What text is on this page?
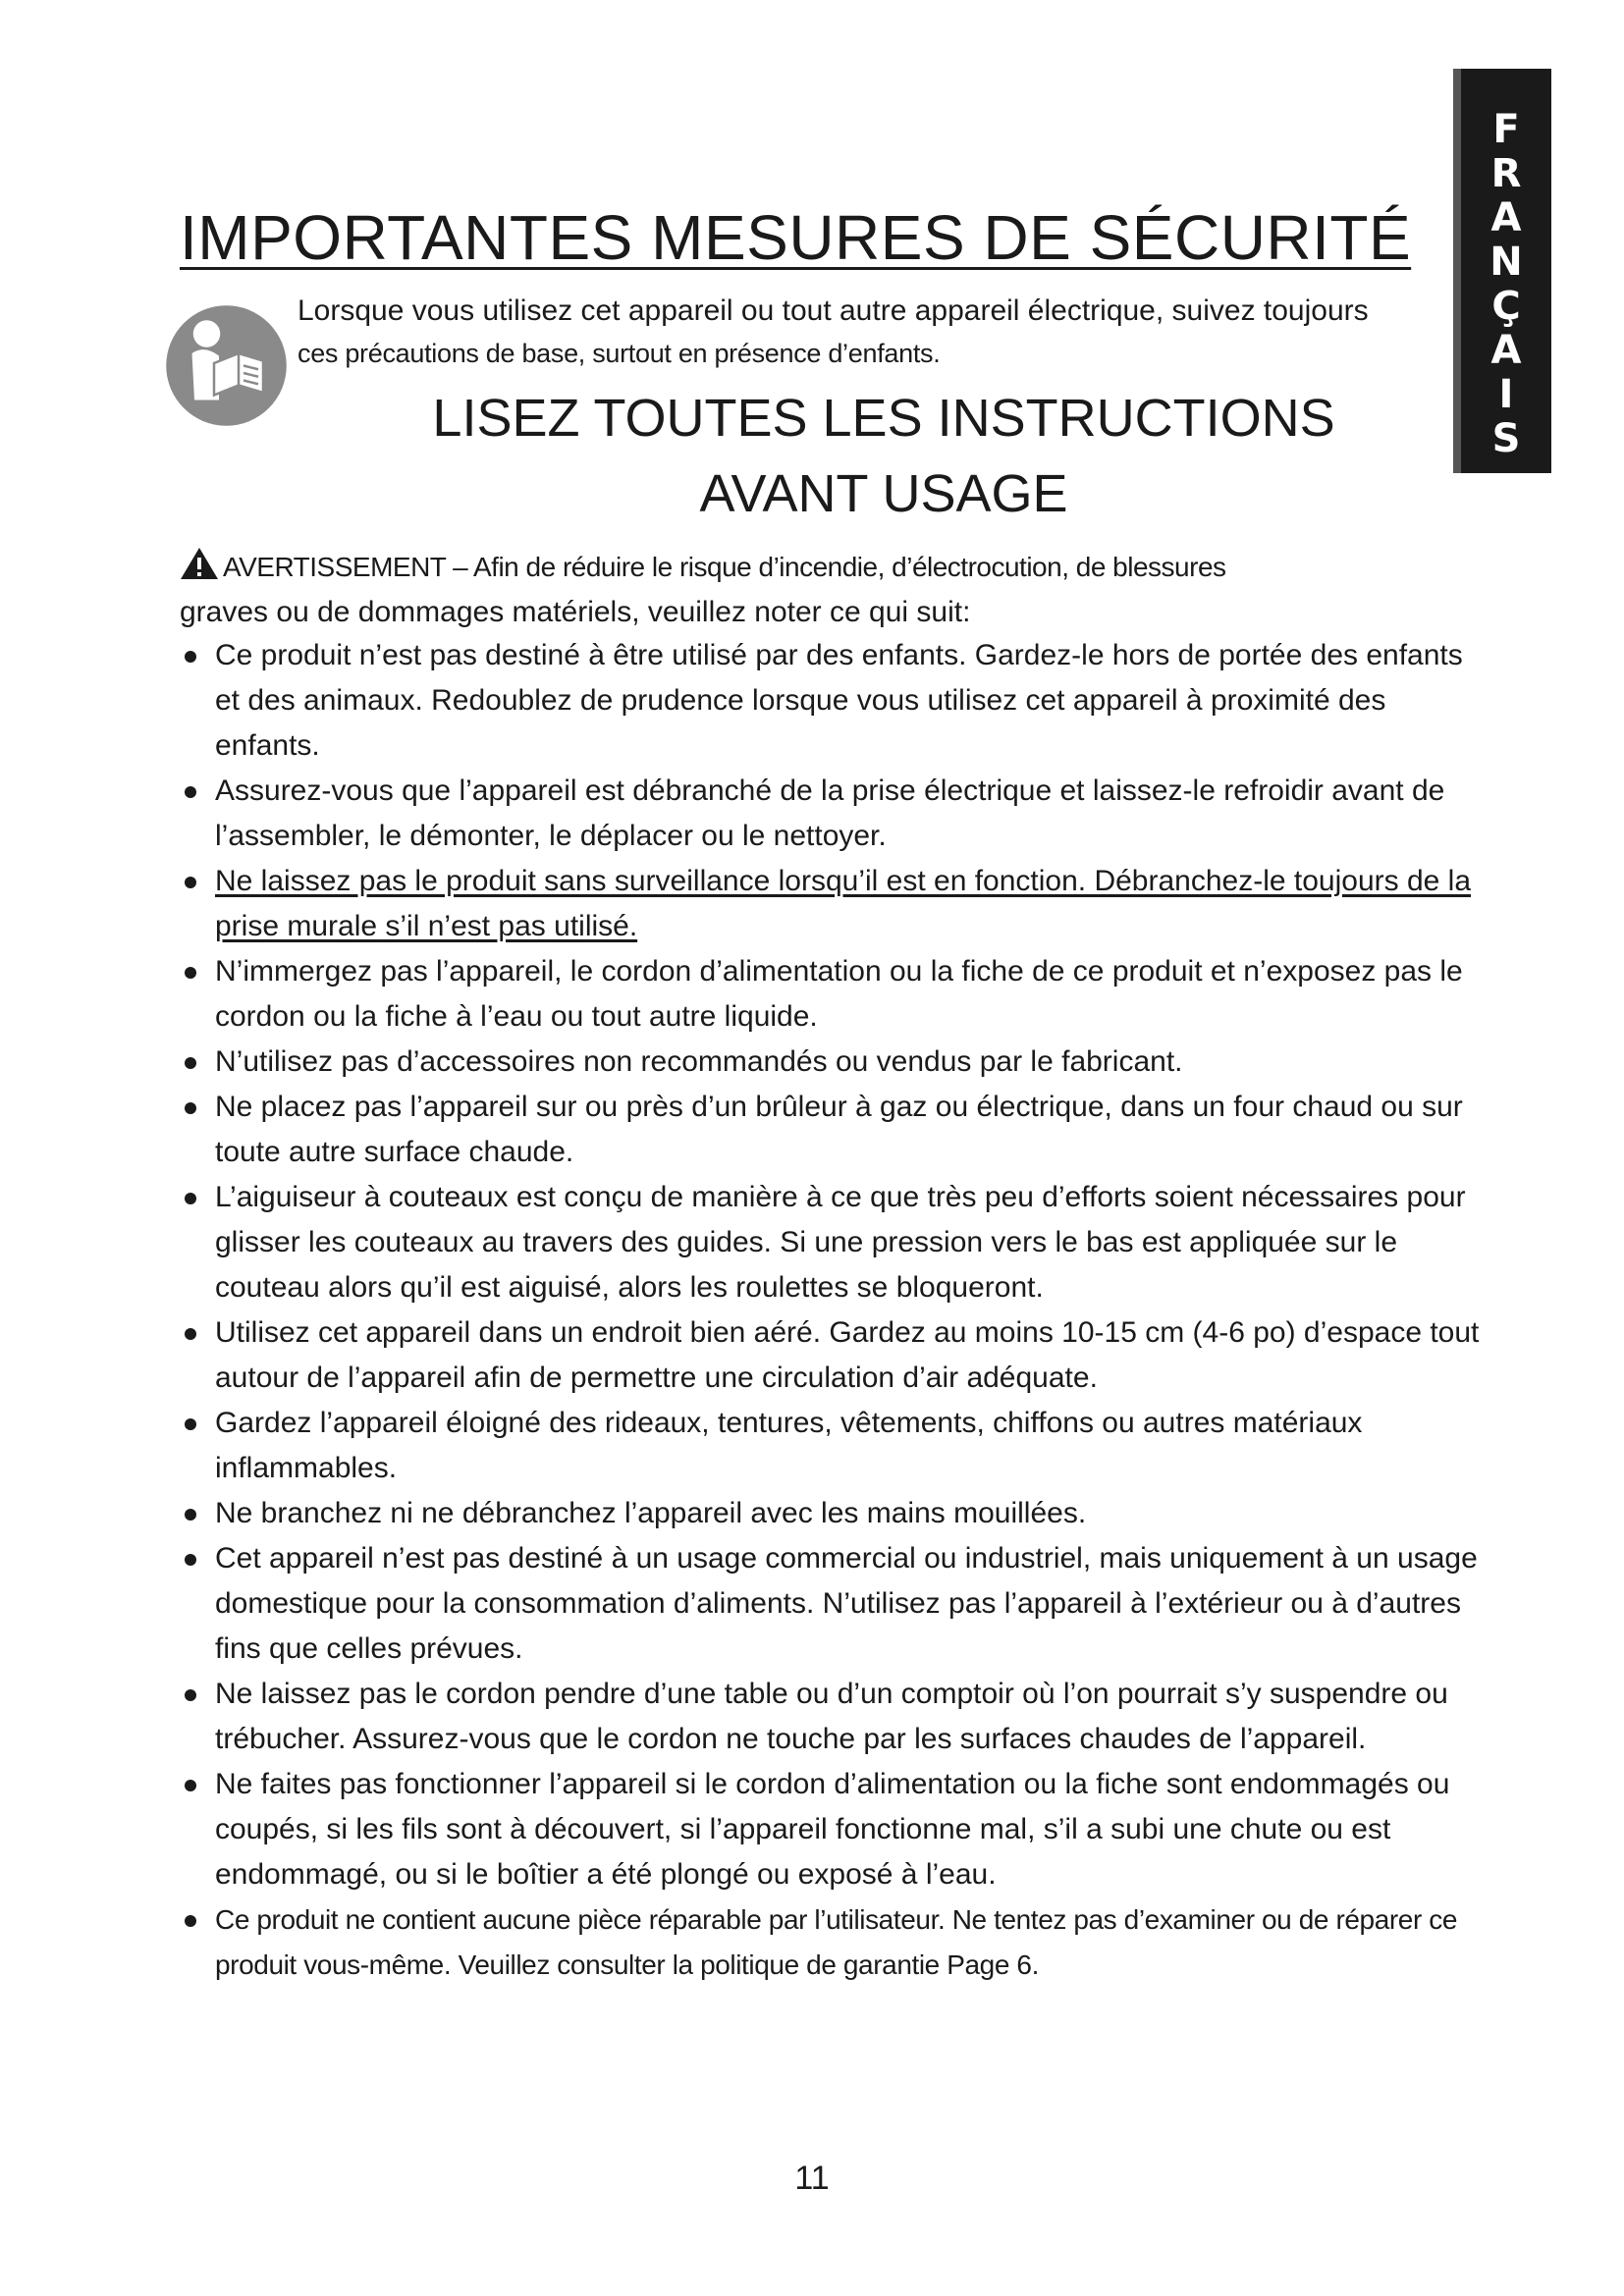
F
R
A
N
Ç
A
I
S
IMPORTANTES MESURES DE SÉCURITÉ
Lorsque vous utilisez cet appareil ou tout autre appareil électrique, suivez toujours
ces précautions de base, surtout en présence d’enfants.
LISEZ TOUTES LES INSTRUCTIONS
AVANT USAGE
AVERTISSEMENT – Afin de réduire le risque d’incendie, d’électrocution, de blessures
graves ou de dommages matériels, veuillez noter ce qui suit:
Ce produit n’est pas destiné à être utilisé par des enfants. Gardez-le hors de portée des enfants et des animaux. Redoublez de prudence lorsque vous utilisez cet appareil à proximité des enfants.
Assurez-vous que l’appareil est débranché de la prise électrique et laissez-le refroidir avant de l’assembler, le démonter, le déplacer ou le nettoyer.
Ne laissez pas le produit sans surveillance lorsqu’il est en fonction. Débranchez-le toujours de la prise murale s’il n’est pas utilisé.
N’immergez pas l’appareil, le cordon d’alimentation ou la fiche de ce produit et n’exposez pas le cordon ou la fiche à l’eau ou tout autre liquide.
N’utilisez pas d’accessoires non recommandés ou vendus par le fabricant.
Ne placez pas l’appareil sur ou près d’un brûleur à gaz ou électrique, dans un four chaud ou sur toute autre surface chaude.
L’aiguiseur à couteaux est conçu de manière à ce que très peu d’efforts soient nécessaires pour glisser les couteaux au travers des guides. Si une pression vers le bas est appliquée sur le couteau alors qu’il est aiguisé, alors les roulettes se bloqueront.
Utilisez cet appareil dans un endroit bien aéré. Gardez au moins 10-15 cm (4-6 po) d’espace tout autour de l’appareil afin de permettre une circulation d’air adéquate.
Gardez l’appareil éloigné des rideaux, tentures, vêtements, chiffons ou autres matériaux inflammables.
Ne branchez ni ne débranchez l’appareil avec les mains mouillées.
Cet appareil n’est pas destiné à un usage commercial ou industriel, mais uniquement à un usage domestique pour la consommation d’aliments. N’utilisez pas l’appareil à l’extérieur ou à d’autres fins que celles prévues.
Ne laissez pas le cordon pendre d’une table ou d’un comptoir où l’on pourrait s’y suspendre ou trébucher. Assurez-vous que le cordon ne touche par les surfaces chaudes de l’appareil.
Ne faites pas fonctionner l’appareil si le cordon d’alimentation ou la fiche sont endommagés ou coupés, si les fils sont à découvert, si l’appareil fonctionne mal, s’il a subi une chute ou est endommagé, ou si le boîtier a été plongé ou exposé à l’eau.
Ce produit ne contient aucune pièce réparable par l’utilisateur. Ne tentez pas d’examiner ou de réparer ce produit vous-même. Veuillez consulter la politique de garantie Page 6.
11
